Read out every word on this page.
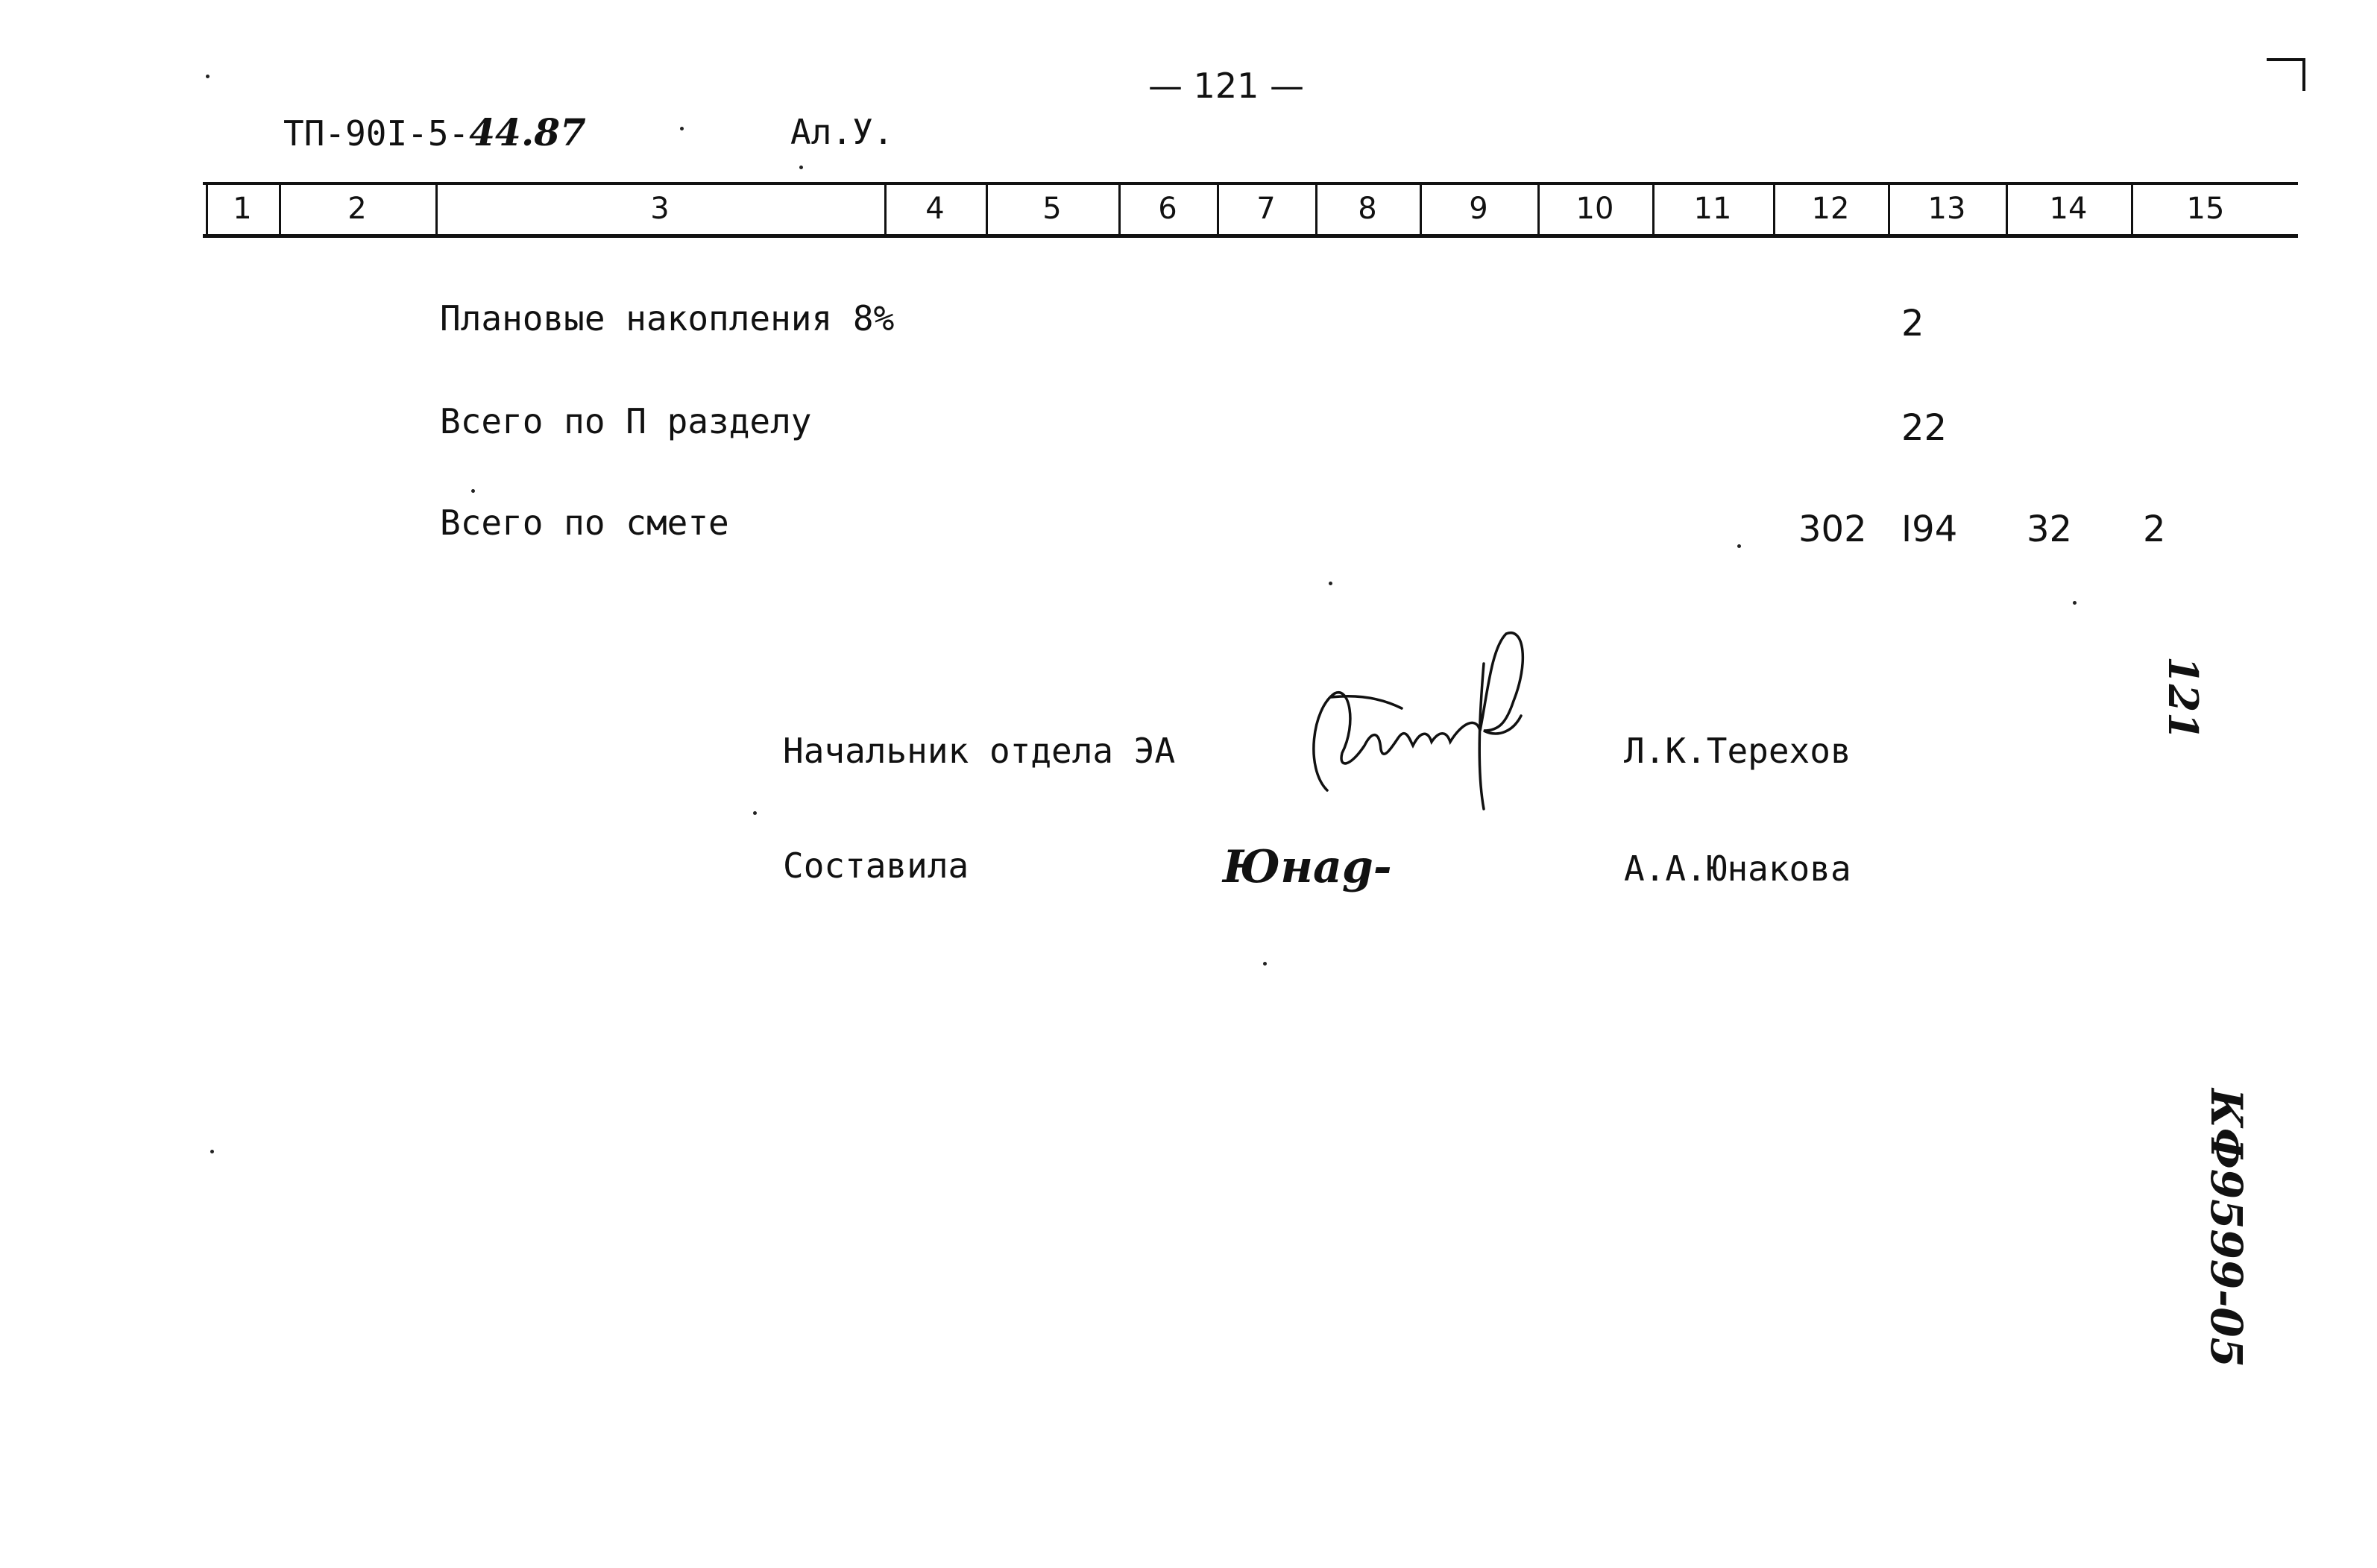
— 121 —
ТП-90I-5-44.87	Ал.У.
1	2	3	4	5	6	7	8	9	10	11	12	13	14	15
Плановые накопления 8%	2
Всего по П разделу	22
Всего по смете	302 I94 32 2
Начальник отдела ЭА	Л.К.Терехов
Составила	Юнаg-	А.А.Юнакова
121
КФ9599-05
